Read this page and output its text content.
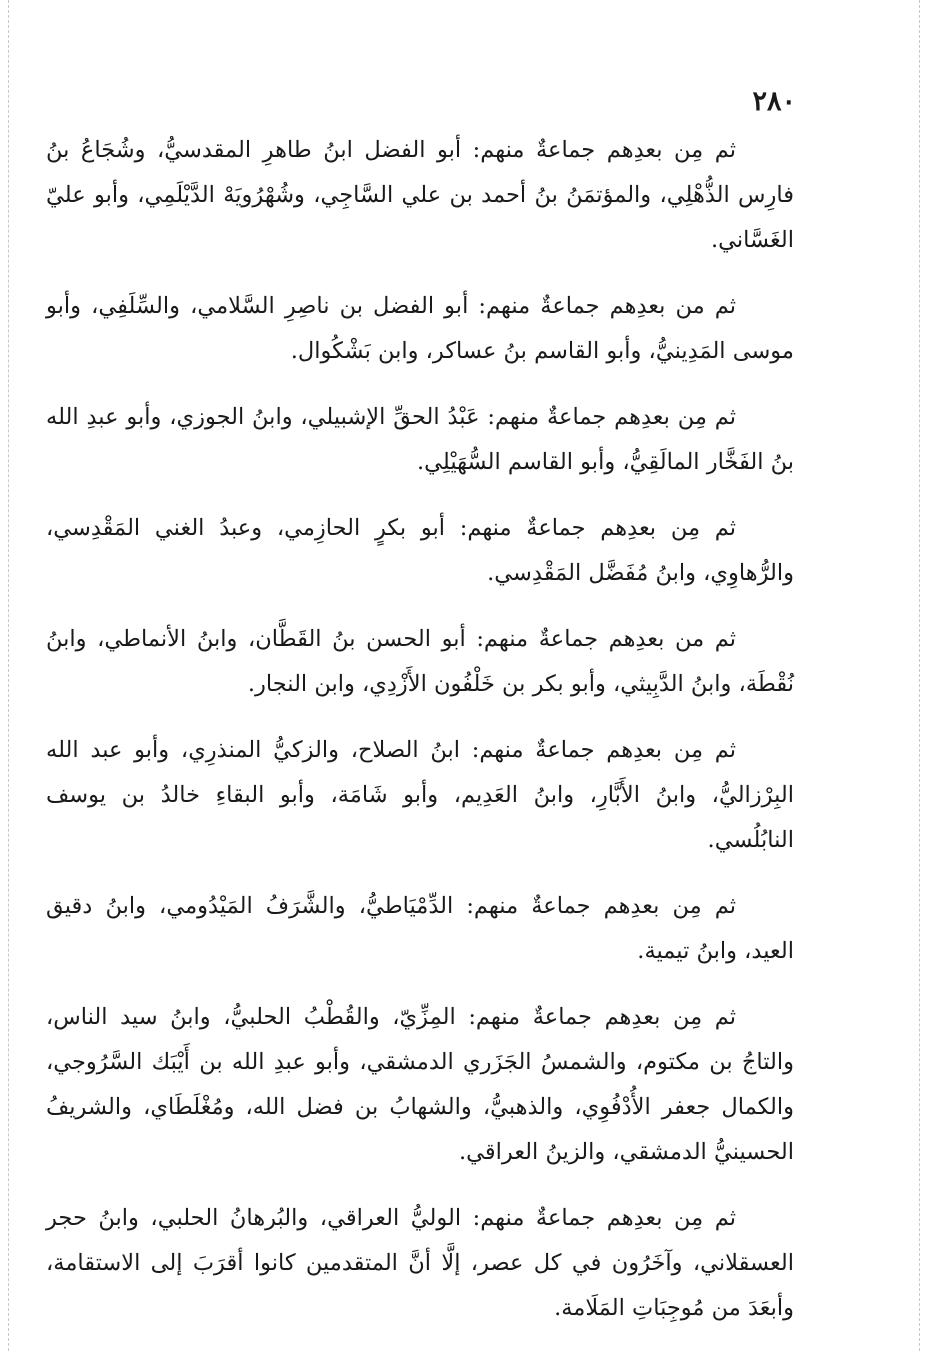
٢٨٠

ثم مِن بعدِهم جماعةٌ منهم: أبو الفضل ابنُ طاهرِ المقدسيُّ، وشُجَاعُ بنُ فارِس الذُّهْلِي، والمؤتمَنُ بنُ أحمد بن علي السَّاجِي، وشُهْرُويَهْ الدَّيْلَمِي، وأبو عليّ الغَسَّاني.

ثم من بعدِهم جماعةٌ منهم: أبو الفضل بن ناصِرِ السَّلامي، والسِّلَفِي، وأبو موسى المَدِينيُّ، وأبو القاسم بنُ عساكر، وابن بَشْكُوال.

ثم مِن بعدِهم جماعةٌ منهم: عَبْدُ الحقِّ الإشبيلي، وابنُ الجوزي، وأبو عبدِ الله بنُ الفَخَّار المالَقِيُّ، وأبو القاسم السُّهَيْلِي.

ثم مِن بعدِهم جماعةٌ منهم: أبو بكرٍ الحازِمي، وعبدُ الغني المَقْدِسي، والرُّهاوِي، وابنُ مُفَضَّل المَقْدِسي.

ثم من بعدِهم جماعةٌ منهم: أبو الحسن بنُ القَطَّان، وابنُ الأنماطي، وابنُ نُقْطَة، وابنُ الدَّبِيثي، وأبو بكر بن خَلْفُون الأَزْدِي، وابن النجار.

ثم مِن بعدِهم جماعةٌ منهم: ابنُ الصلاح، والزكيُّ المنذرِي، وأبو عبد الله البِرْزاليُّ، وابنُ الأَبَّارِ، وابنُ العَدِيم، وأبو شَامَة، وأبو البقاءِ خالدُ بن يوسف النابُلُسي.

ثم مِن بعدِهم جماعةٌ منهم: الدِّمْيَاطيُّ، والشَّرَفُ المَيْدُومي، وابنُ دقيق العيد، وابنُ تيمية.

ثم مِن بعدِهم جماعةٌ منهم: المِزِّيّ، والقُطْبُ الحلبيُّ، وابنُ سيد الناس، والتاجُ بن مكتوم، والشمسُ الجَزَري الدمشقي، وأبو عبدِ الله بن أَيْبَك السَّرُوجي، والكمال جعفر الأُدْفُوِي، والذهبيُّ، والشهابُ بن فضل الله، ومُغْلَطَاي، والشريفُ الحسينيُّ الدمشقي، والزينُ العراقي.

ثم مِن بعدِهم جماعةٌ منهم: الوليُّ العراقي، والبُرهانُ الحلبي، وابنُ حجر العسقلاني، وآخَرُون في كل عصر، إلَّا أنَّ المتقدمين كانوا أقرَبَ إلى الاستقامة، وأبعَدَ من مُوجِبَاتِ المَلَامة.
